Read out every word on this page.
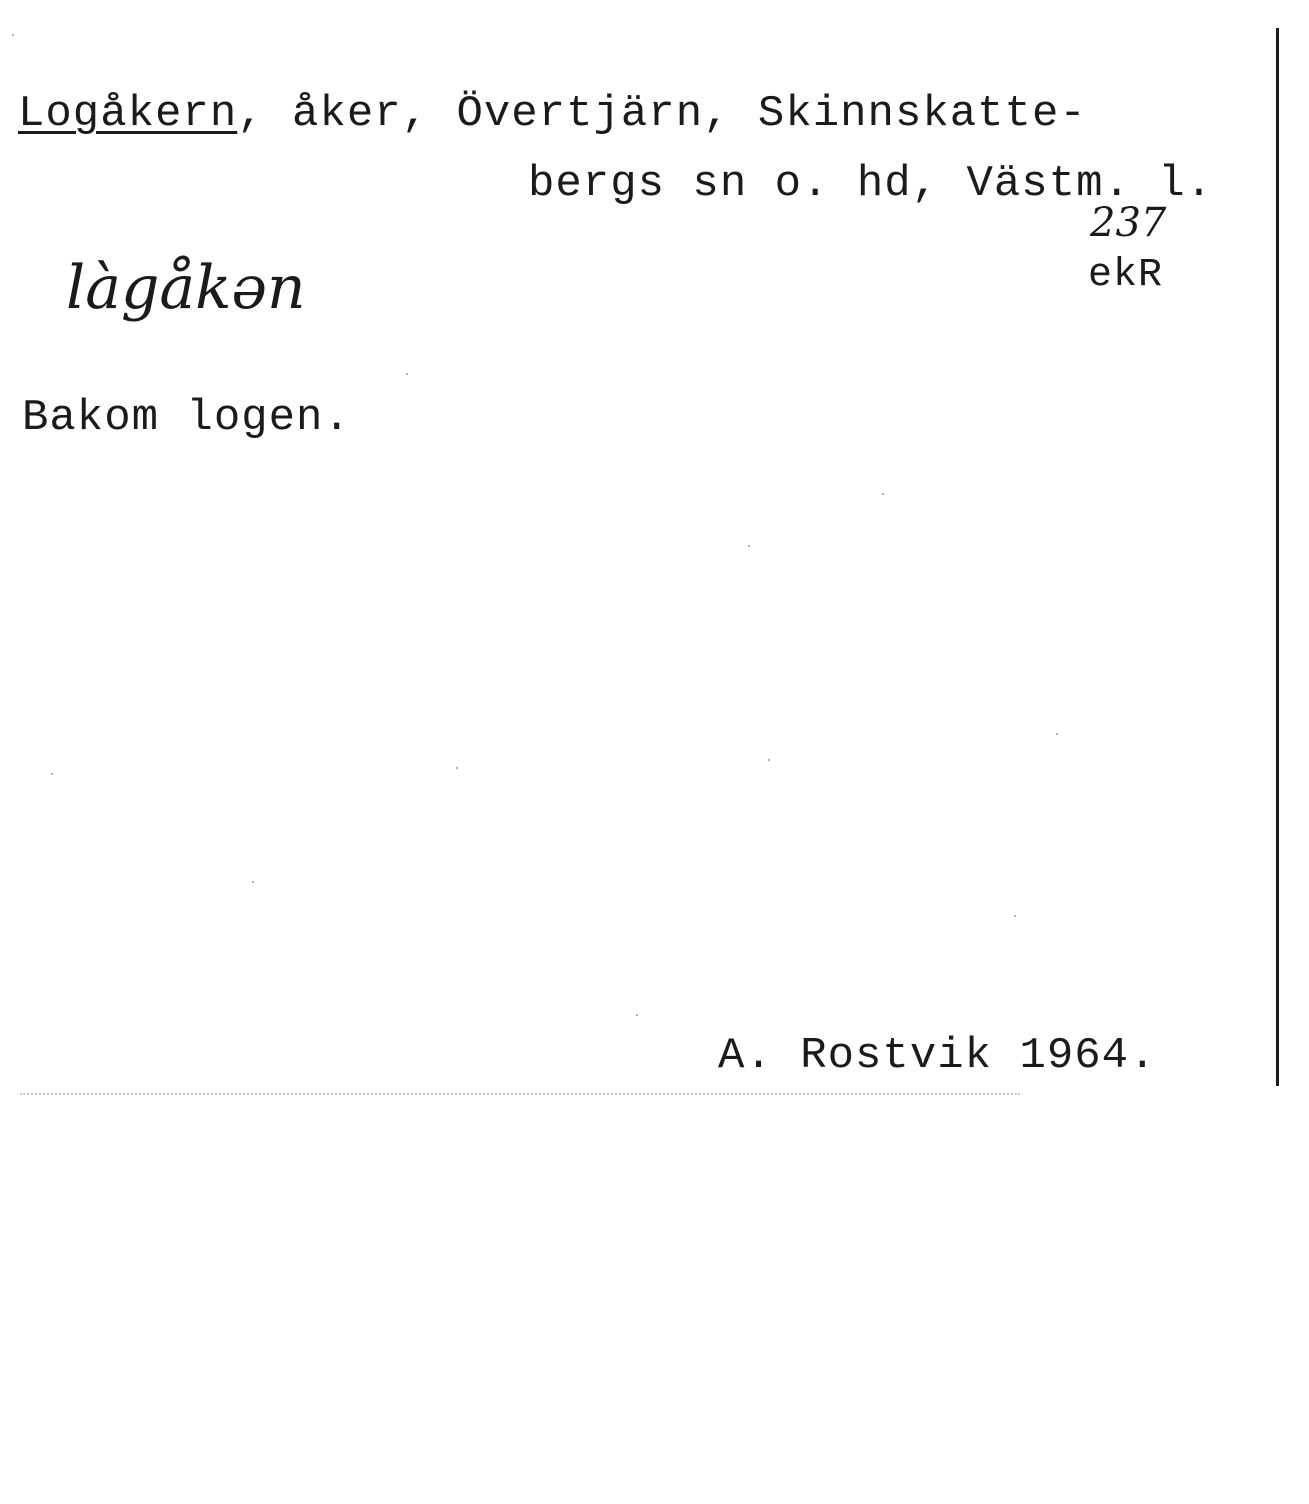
Logåkern, åker, Övertjärn, Skinnskatte-
bergs sn o. hd, Västm. l.
237
ekR
làgåkən
Bakom logen.
A. Rostvik 1964.
